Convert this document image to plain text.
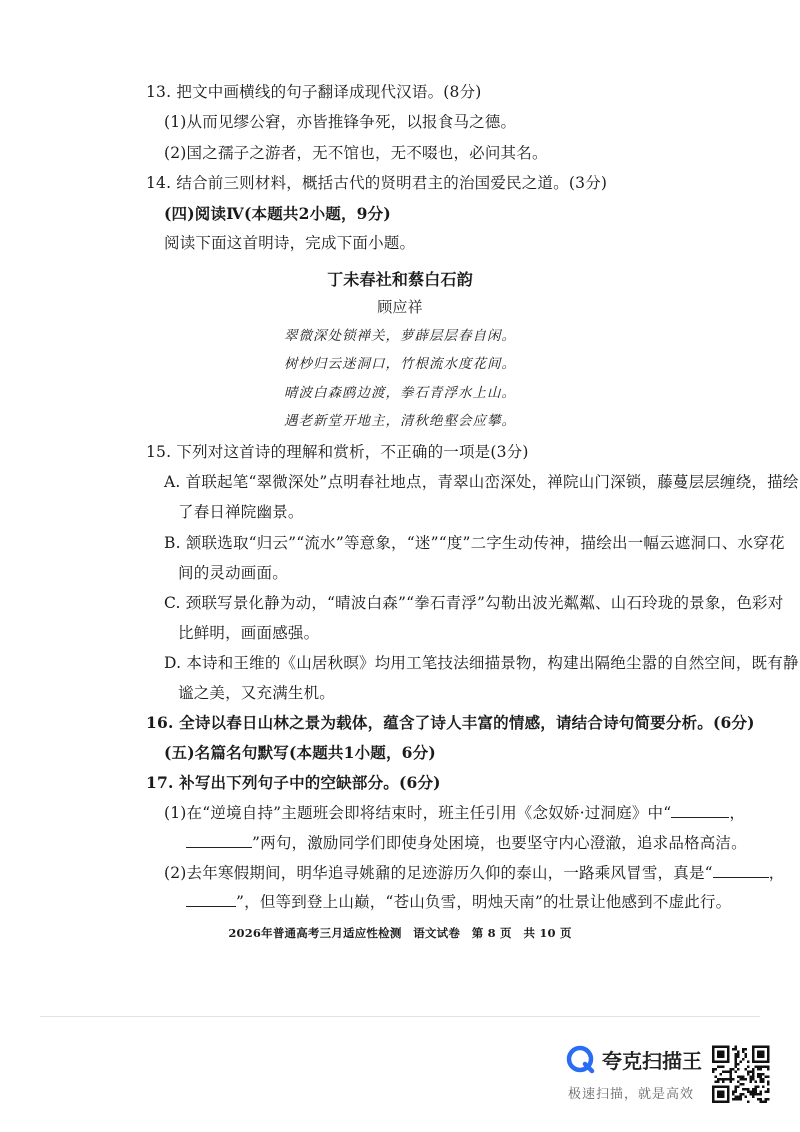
13. 把文中画横线的句子翻译成现代汉语。(8分)
(1)从而见缪公窘，亦皆推锋争死，以报食马之德。
(2)国之孺子之游者，无不馆也，无不啜也，必问其名。
14. 结合前三则材料，概括古代的贤明君主的治国爱民之道。(3分)
(四)阅读Ⅳ(本题共2小题，9分)
阅读下面这首明诗，完成下面小题。
丁未春社和蔡白石韵
顾应祥
翠微深处锁禅关，萝薜层层春自闲。
树杪归云迷洞口，竹根流水度花间。
晴波白森鸥边渡，拳石青浮水上山。
遇老新堂开地主，清秋绝壑会应攀。
15. 下列对这首诗的理解和赏析，不正确的一项是(3分)
A. 首联起笔“翠微深处”点明春社地点，青翠山峦深处，禅院山门深锁，藤蔓层层缠绕，描绘
了春日禅院幽景。
B. 颔联选取“归云”“流水”等意象，“迷”“度”二字生动传神，描绘出一幅云遮洞口、水穿花
间的灵动画面。
C. 颈联写景化静为动，“晴波白森”“拳石青浮”勾勒出波光粼粼、山石玲珑的景象，色彩对
比鲜明，画面感强。
D. 本诗和王维的《山居秋暝》均用工笔技法细描景物，构建出隔绝尘嚣的自然空间，既有静
谧之美，又充满生机。
16. 全诗以春日山林之景为载体，蕴含了诗人丰富的情感，请结合诗句简要分析。(6分)
(五)名篇名句默写(本题共1小题，6分)
17. 补写出下列句子中的空缺部分。(6分)
(1)在“逆境自持”主题班会即将结束时，班主任引用《念奴娇·过洞庭》中“	，
”两句，激励同学们即使身处困境，也要坚守内心澄澈，追求品格高洁。
(2)去年寒假期间，明华追寻姚鼐的足迹游历久仰的泰山，一路乘风冒雪，真是“	，
”，但等到登上山巅，“苍山负雪，明烛天南”的壮景让他感到不虚此行。
2026年普通高考三月适应性检测　语文试卷　第 8 页　共 10 页
夸克扫描王
极速扫描，就是高效
